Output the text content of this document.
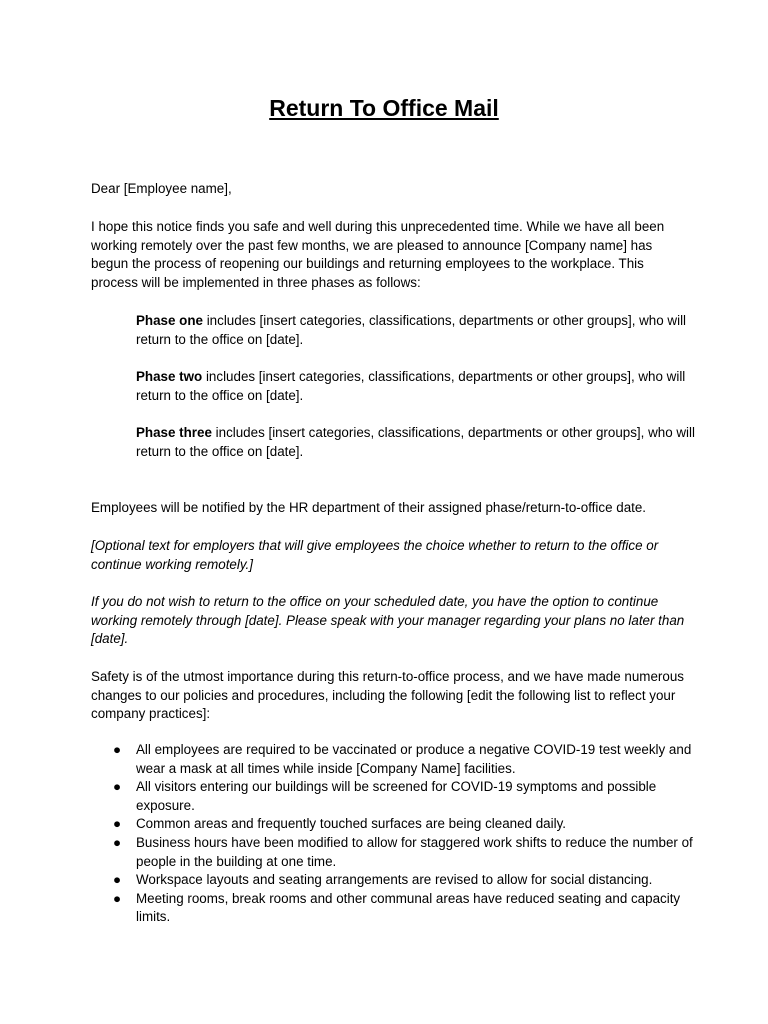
Return To Office Mail
Dear [Employee name],
I hope this notice finds you safe and well during this unprecedented time. While we have all been working remotely over the past few months, we are pleased to announce [Company name] has begun the process of reopening our buildings and returning employees to the workplace. This process will be implemented in three phases as follows:
Phase one includes [insert categories, classifications, departments or other groups], who will return to the office on [date].
Phase two includes [insert categories, classifications, departments or other groups], who will return to the office on [date].
Phase three includes [insert categories, classifications, departments or other groups], who will return to the office on [date].
Employees will be notified by the HR department of their assigned phase/return-to-office date.
[Optional text for employers that will give employees the choice whether to return to the office or continue working remotely.]
If you do not wish to return to the office on your scheduled date, you have the option to continue working remotely through [date]. Please speak with your manager regarding your plans no later than [date].
Safety is of the utmost importance during this return-to-office process, and we have made numerous changes to our policies and procedures, including the following [edit the following list to reflect your company practices]:
● All employees are required to be vaccinated or produce a negative COVID-19 test weekly and wear a mask at all times while inside [Company Name] facilities.
● All visitors entering our buildings will be screened for COVID-19 symptoms and possible exposure.
● Common areas and frequently touched surfaces are being cleaned daily.
● Business hours have been modified to allow for staggered work shifts to reduce the number of people in the building at one time.
● Workspace layouts and seating arrangements are revised to allow for social distancing.
● Meeting rooms, break rooms and other communal areas have reduced seating and capacity limits.
